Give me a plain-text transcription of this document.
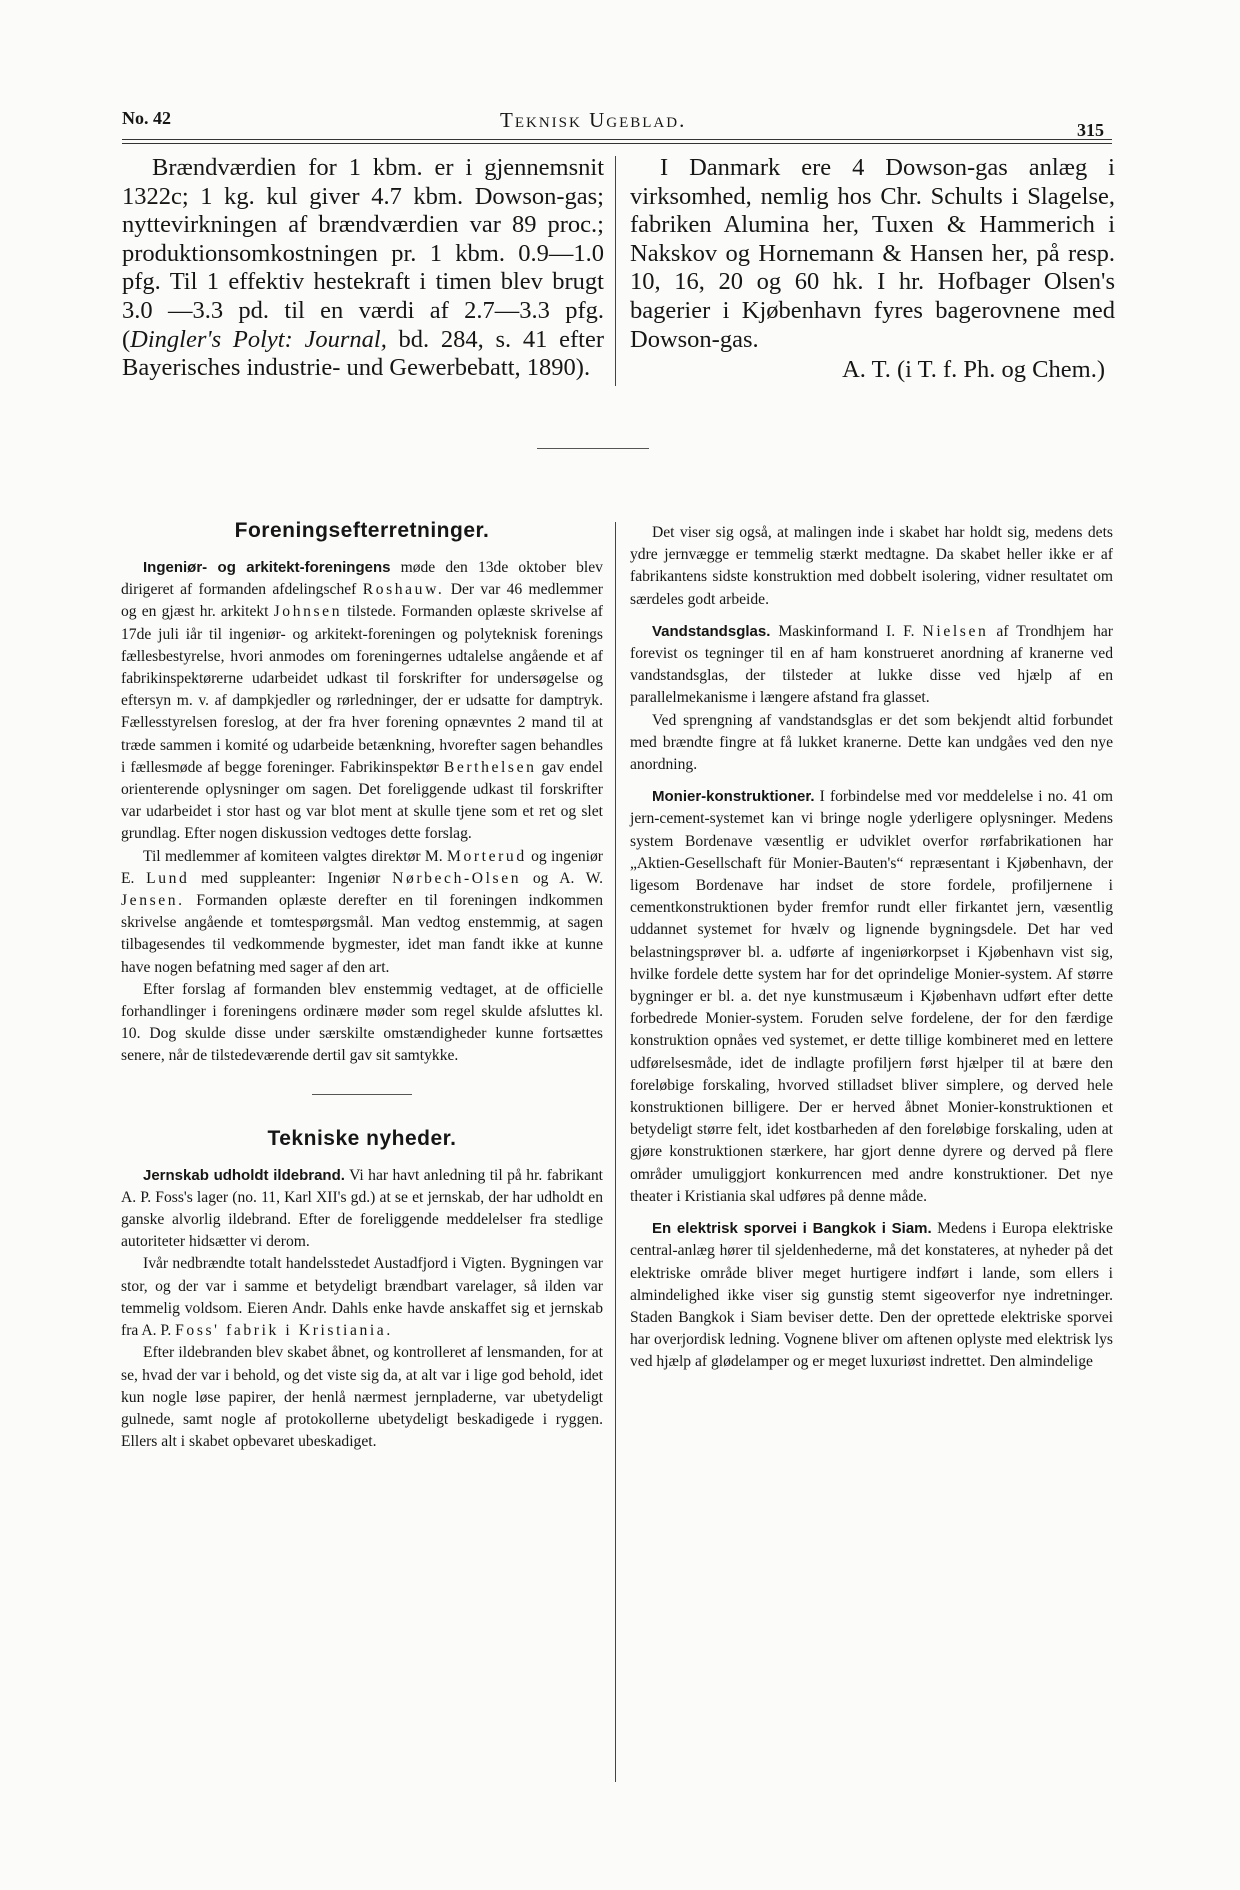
No. 42	Teknisk Ugeblad.	315

Brændværdien for 1 kbm. er i gjennemsnit 1322c; 1 kg. kul giver 4.7 kbm. Dowson-gas; nyttevirkningen af brændværdien var 89 proc.; produktionsomkostningen pr. 1 kbm. 0.9—1.0 pfg. Til 1 effektiv hestekraft i timen blev brugt 3.0 —3.3 pd. til en værdi af 2.7—3.3 pfg. (Dingler's Polyt: Journal, bd. 284, s. 41 efter Bayerisches industrie- und Gewerbebatt, 1890).

I Danmark ere 4 Dowson-gas anlæg i virksomhed, nemlig hos Chr. Schults i Slagelse, fabriken Alumina her, Tuxen & Hammerich i Nakskov og Hornemann & Hansen her, på resp. 10, 16, 20 og 60 hk. I hr. Hofbager Olsen's bagerier i Kjøbenhavn fyres bagerovnene med Dowson-gas.

A. T. (i T. f. Ph. og Chem.)

Foreningsefterretninger.

Ingeniør- og arkitekt-foreningens møde den 13de oktober blev dirigeret af formanden afdelingschef Roshauw. Der var 46 medlemmer og en gjæst hr. arkitekt Johnsen tilstede. Formanden oplæste skrivelse af 17de juli iår til ingeniør- og arkitekt-foreningen og polyteknisk forenings fællesbestyrelse, hvori anmodes om foreningernes udtalelse angående et af fabrikinspektørerne udarbeidet udkast til forskrifter for undersøgelse og eftersyn m. v. af dampkjedler og rørledninger, der er udsatte for damptryk. Fællesstyrelsen foreslog, at der fra hver forening opnævntes 2 mand til at træde sammen i komité og udarbeide betænkning, hvorefter sagen behandles i fællesmøde af begge foreninger. Fabrikinspektør Berthelsen gav endel orienterende oplysninger om sagen. Det foreliggende udkast til forskrifter var udarbeidet i stor hast og var blot ment at skulle tjene som et ret og slet grundlag. Efter nogen diskussion vedtoges dette forslag.

Til medlemmer af komiteen valgtes direktør M. Morterud og ingeniør E. Lund med suppleanter: Ingeniør Nørbech-Olsen og A. W. Jensen. Formanden oplæste derefter en til foreningen indkommen skrivelse angående et tomtespørgsmål. Man vedtog enstemmig, at sagen tilbagesendes til vedkommende bygmester, idet man fandt ikke at kunne have nogen befatning med sager af den art.

Efter forslag af formanden blev enstemmig vedtaget, at de officielle forhandlinger i foreningens ordinære møder som regel skulde afsluttes kl. 10. Dog skulde disse under særskilte omstændigheder kunne fortsættes senere, når de tilstedeværende dertil gav sit samtykke.

Tekniske nyheder.

Jernskab udholdt ildebrand. Vi har havt anledning til på hr. fabrikant A. P. Foss's lager (no. 11, Karl XII's gd.) at se et jernskab, der har udholdt en ganske alvorlig ildebrand. Efter de foreliggende meddelelser fra stedlige autoriteter hidsætter vi derom.

Ivår nedbrændte totalt handelsstedet Austadfjord i Vigten. Bygningen var stor, og der var i samme et betydeligt brændbart varelager, så ilden var temmelig voldsom. Eieren Andr. Dahls enke havde anskaffet sig et jernskab fra A. P. Foss' fabrik i Kristiania.

Efter ildebranden blev skabet åbnet, og kontrolleret af lensmanden, for at se, hvad der var i behold, og det viste sig da, at alt var i lige god behold, idet kun nogle løse papirer, der henlå nærmest jernpladerne, var ubetydeligt gulnede, samt nogle af protokollerne ubetydeligt beskadigede i ryggen. Ellers alt i skabet opbevaret ubeskadiget.

Det viser sig også, at malingen inde i skabet har holdt sig, medens dets ydre jernvægge er temmelig stærkt medtagne. Da skabet heller ikke er af fabrikantens sidste konstruktion med dobbelt isolering, vidner resultatet om særdeles godt arbeide.

Vandstandsglas. Maskinformand I. F. Nielsen af Trondhjem har forevist os tegninger til en af ham konstrueret anordning af kranerne ved vandstandsglas, der tilsteder at lukke disse ved hjælp af en parallelmekanisme i længere afstand fra glasset.

Ved sprengning af vandstandsglas er det som bekjendt altid forbundet med brændte fingre at få lukket kranerne. Dette kan undgåes ved den nye anordning.

Monier-konstruktioner. I forbindelse med vor meddelelse i no. 41 om jern-cement-systemet kan vi bringe nogle yderligere oplysninger. Medens system Bordenave væsentlig er udviklet overfor rørfabrikationen har „Aktien-Gesellschaft für Monier-Bauten's“ repræsentant i Kjøbenhavn, der ligesom Bordenave har indset de store fordele, profiljernene i cementkonstruktionen byder fremfor rundt eller firkantet jern, væsentlig uddannet systemet for hvælv og lignende bygningsdele. Det har ved belastningsprøver bl. a. udførte af ingeniørkorpset i Kjøbenhavn vist sig, hvilke fordele dette system har for det oprindelige Monier-system. Af større bygninger er bl. a. det nye kunstmusæum i Kjøbenhavn udført efter dette forbedrede Monier-system. Foruden selve fordelene, der for den færdige konstruktion opnåes ved systemet, er dette tillige kombineret med en lettere udførelsesmåde, idet de indlagte profiljern først hjælper til at bære den foreløbige forskaling, hvorved stilladset bliver simplere, og derved hele konstruktionen billigere. Der er herved åbnet Monier-konstruktionen et betydeligt større felt, idet kostbarheden af den foreløbige forskaling, uden at gjøre konstruktionen stærkere, har gjort denne dyrere og derved på flere områder umuliggjort konkurrencen med andre konstruktioner. Det nye theater i Kristiania skal udføres på denne måde.

En elektrisk sporvei i Bangkok i Siam. Medens i Europa elektriske central-anlæg hører til sjeldenhederne, må det konstateres, at nyheder på det elektriske område bliver meget hurtigere indført i lande, som ellers i almindelighed ikke viser sig gunstig stemt sigeoverfor nye indretninger. Staden Bangkok i Siam beviser dette. Den der oprettede elektriske sporvei har overjordisk ledning. Vognene bliver om aftenen oplyste med elektrisk lys ved hjælp af glødelamper og er meget luxuriøst indrettet. Den almindelige
